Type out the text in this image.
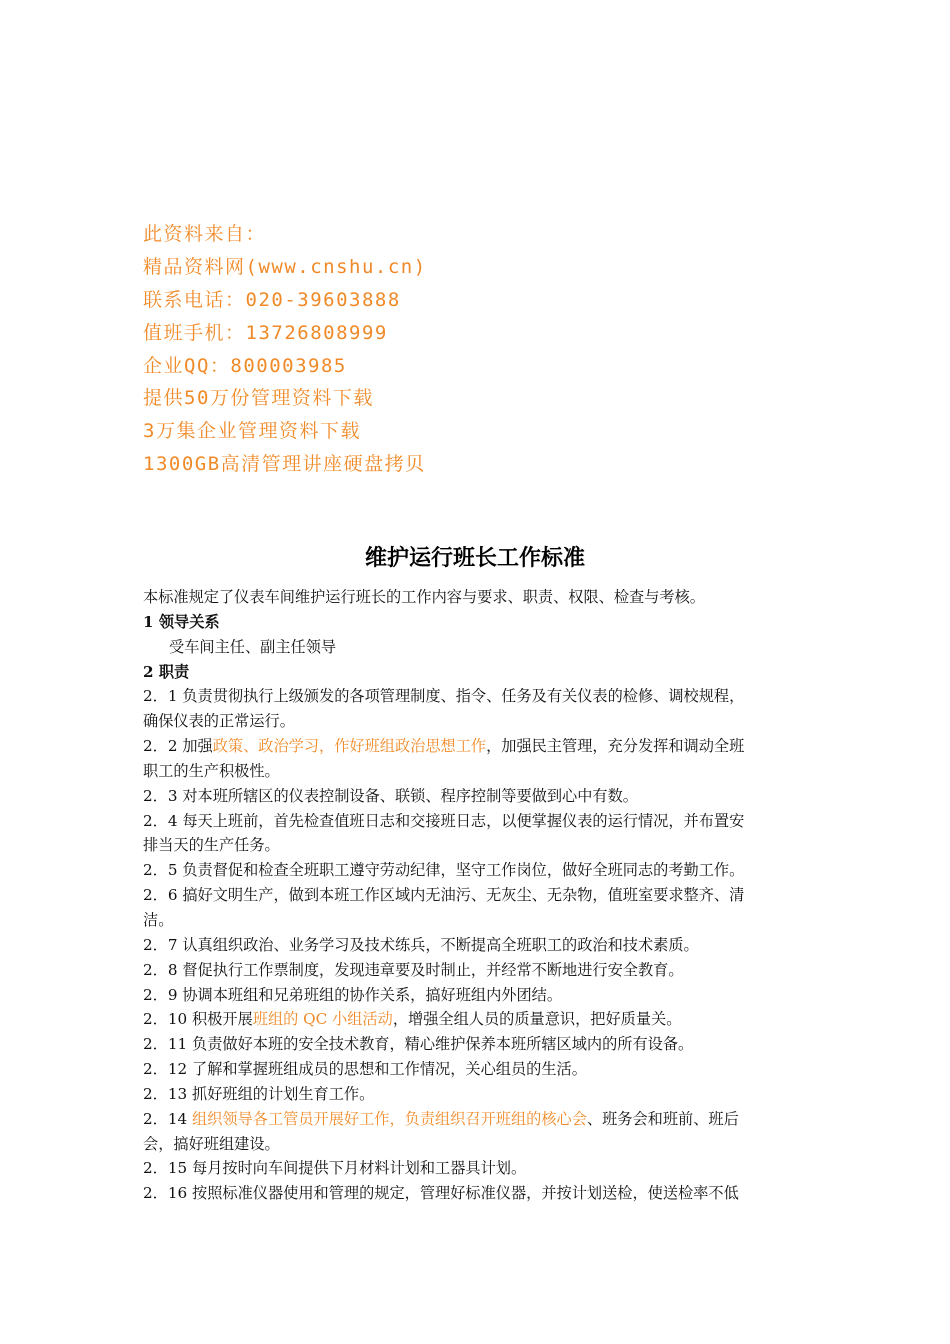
此资料来自：
精品资料网(www.cnshu.cn)
联系电话：020-39603888
值班手机：13726808999
企业QQ：800003985
提供50万份管理资料下载
3万集企业管理资料下载
1300GB高清管理讲座硬盘拷贝
维护运行班长工作标准
本标准规定了仪表车间维护运行班长的工作内容与要求、职责、权限、检查与考核。
1 领导关系
受车间主任、副主任领导
2 职责
2．1 负责贯彻执行上级颁发的各项管理制度、指令、任务及有关仪表的检修、调校规程，
确保仪表的正常运行。
2．2 加强政策、政治学习，作好班组政治思想工作，加强民主管理，充分发挥和调动全班
职工的生产积极性。
2．3 对本班所辖区的仪表控制设备、联锁、程序控制等要做到心中有数。
2．4 每天上班前，首先检查值班日志和交接班日志，以便掌握仪表的运行情况，并布置安
排当天的生产任务。
2．5 负责督促和检查全班职工遵守劳动纪律，坚守工作岗位，做好全班同志的考勤工作。
2．6 搞好文明生产，做到本班工作区域内无油污、无灰尘、无杂物，值班室要求整齐、清
洁。
2．7 认真组织政治、业务学习及技术练兵，不断提高全班职工的政治和技术素质。
2．8 督促执行工作票制度，发现违章要及时制止，并经常不断地进行安全教育。
2．9 协调本班组和兄弟班组的协作关系，搞好班组内外团结。
2．10 积极开展班组的 QC 小组活动，增强全组人员的质量意识，把好质量关。
2．11 负责做好本班的安全技术教育，精心维护保养本班所辖区域内的所有设备。
2．12 了解和掌握班组成员的思想和工作情况，关心组员的生活。
2．13 抓好班组的计划生育工作。
2．14 组织领导各工管员开展好工作，负责组织召开班组的核心会、班务会和班前、班后
会，搞好班组建设。
2．15 每月按时向车间提供下月材料计划和工器具计划。
2．16 按照标准仪器使用和管理的规定，管理好标准仪器，并按计划送检，使送检率不低
